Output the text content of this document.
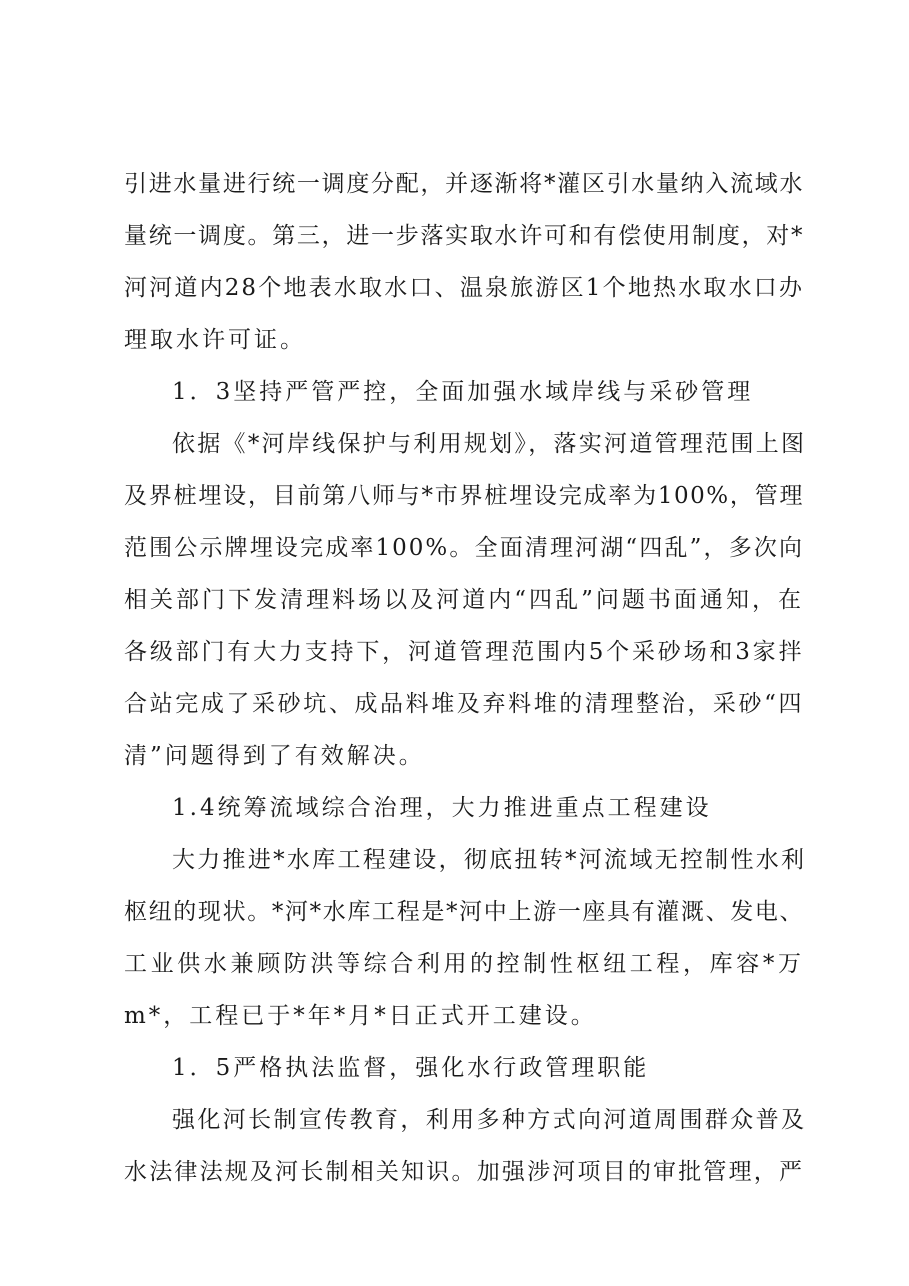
引进水量进行统一调度分配，并逐渐将*灌区引水量纳入流域水
量统一调度。第三，进一步落实取水许可和有偿使用制度，对*
河河道内28个地表水取水口、温泉旅游区1个地热水取水口办
理取水许可证。
1．3坚持严管严控，全面加强水域岸线与采砂管理
依据《*河岸线保护与利用规划》，落实河道管理范围上图
及界桩埋设，目前第八师与*市界桩埋设完成率为100%，管理
范围公示牌埋设完成率100%。全面清理河湖“四乱”，多次向
相关部门下发清理料场以及河道内“四乱”问题书面通知，在
各级部门有大力支持下，河道管理范围内5个采砂场和3家拌
合站完成了采砂坑、成品料堆及弃料堆的清理整治，采砂“四
清”问题得到了有效解决。
1.4统筹流域综合治理，大力推进重点工程建设
大力推进*水库工程建设，彻底扭转*河流域无控制性水利
枢纽的现状。*河*水库工程是*河中上游一座具有灌溉、发电、
工业供水兼顾防洪等综合利用的控制性枢纽工程，库容*万
m*，工程已于*年*月*日正式开工建设。
1．5严格执法监督，强化水行政管理职能
强化河长制宣传教育，利用多种方式向河道周围群众普及
水法律法规及河长制相关知识。加强涉河项目的审批管理，严
